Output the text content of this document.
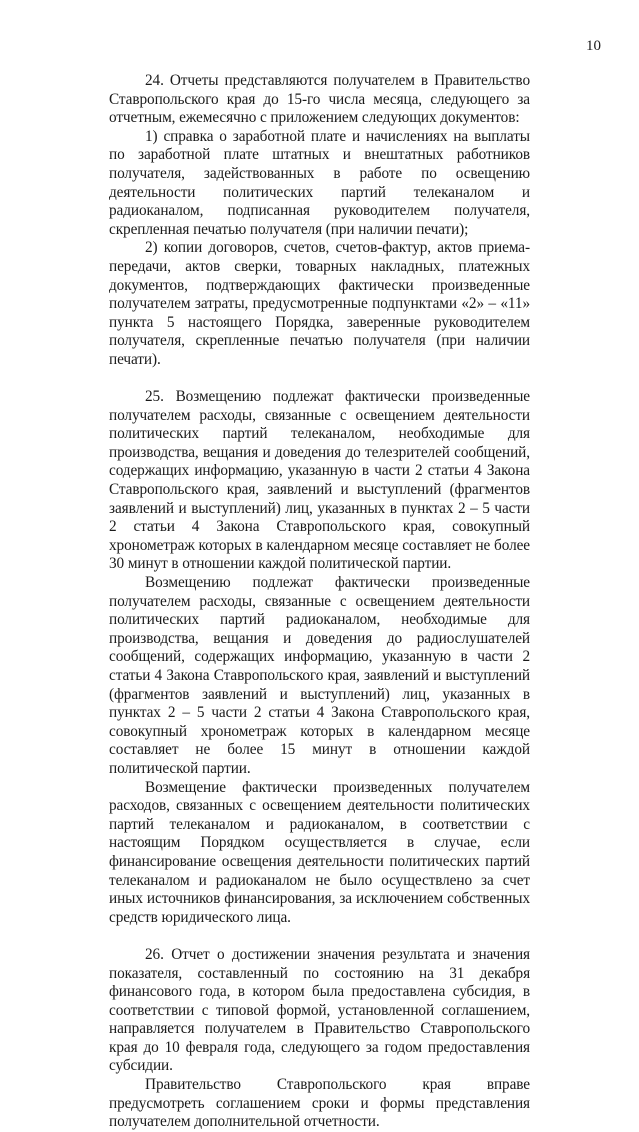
10

24. Отчеты представляются получателем в Правительство Ставропольского края до 15-го числа месяца, следующего за отчетным, ежемесячно с приложением следующих документов:

1) справка о заработной плате и начислениях на выплаты по заработной плате штатных и внештатных работников получателя, задействованных в работе по освещению деятельности политических партий телеканалом и радиоканалом, подписанная руководителем получателя, скрепленная печатью получателя (при наличии печати);

2) копии договоров, счетов, счетов-фактур, актов приема-передачи, актов сверки, товарных накладных, платежных документов, подтверждающих фактически произведенные получателем затраты, предусмотренные подпунктами «2» – «11» пункта 5 настоящего Порядка, заверенные руководителем получателя, скрепленные печатью получателя (при наличии печати).

25. Возмещению подлежат фактически произведенные получателем расходы, связанные с освещением деятельности политических партий телеканалом, необходимые для производства, вещания и доведения до телезрителей сообщений, содержащих информацию, указанную в части 2 статьи 4 Закона Ставропольского края, заявлений и выступлений (фрагментов заявлений и выступлений) лиц, указанных в пунктах 2 – 5 части 2 статьи 4 Закона Ставропольского края, совокупный хронометраж которых в календарном месяце составляет не более 30 минут в отношении каждой политической партии.

Возмещению подлежат фактически произведенные получателем расходы, связанные с освещением деятельности политических партий радиоканалом, необходимые для производства, вещания и доведения до радиослушателей сообщений, содержащих информацию, указанную в части 2 статьи 4 Закона Ставропольского края, заявлений и выступлений (фрагментов заявлений и выступлений) лиц, указанных в пунктах 2 – 5 части 2 статьи 4 Закона Ставропольского края, совокупный хронометраж которых в календарном месяце составляет не более 15 минут в отношении каждой политической партии.

Возмещение фактически произведенных получателем расходов, связанных с освещением деятельности политических партий телеканалом и радиоканалом, в соответствии с настоящим Порядком осуществляется в случае, если финансирование освещения деятельности политических партий телеканалом и радиоканалом не было осуществлено за счет иных источников финансирования, за исключением собственных средств юридического лица.

26. Отчет о достижении значения результата и значения показателя, составленный по состоянию на 31 декабря финансового года, в котором была предоставлена субсидия, в соответствии с типовой формой, установленной соглашением, направляется получателем в Правительство Ставропольского края до 10 февраля года, следующего за годом предоставления субсидии.

Правительство Ставропольского края вправе предусмотреть соглашением сроки и формы представления получателем дополнительной отчетности.
